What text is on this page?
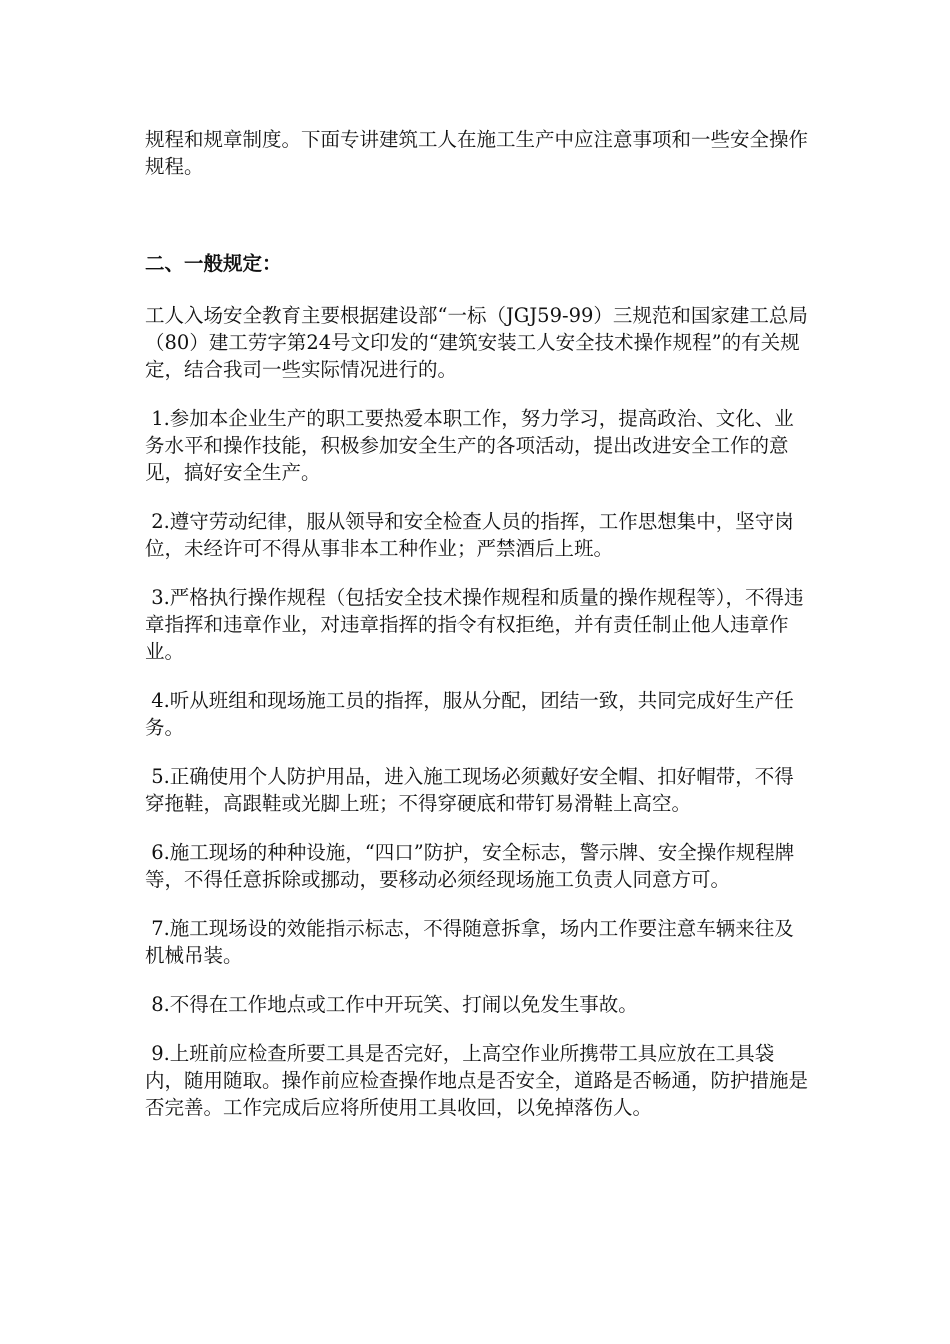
规程和规章制度。下面专讲建筑工人在施工生产中应注意事项和一些安全操作规程。

二、一般规定：

工人入场安全教育主要根据建设部“一标（JGJ59-99）三规范和国家建工总局（80）建工劳字第24号文印发的“建筑安装工人安全技术操作规程”的有关规定，结合我司一些实际情况进行的。

1.参加本企业生产的职工要热爱本职工作，努力学习，提高政治、文化、业务水平和操作技能，积极参加安全生产的各项活动，提出改进安全工作的意见，搞好安全生产。

2.遵守劳动纪律，服从领导和安全检查人员的指挥，工作思想集中，坚守岗位，未经许可不得从事非本工种作业；严禁酒后上班。

3.严格执行操作规程（包括安全技术操作规程和质量的操作规程等），不得违章指挥和违章作业，对违章指挥的指令有权拒绝，并有责任制止他人违章作业。

4.听从班组和现场施工员的指挥，服从分配，团结一致，共同完成好生产任务。

5.正确使用个人防护用品，进入施工现场必须戴好安全帽、扣好帽带，不得穿拖鞋，高跟鞋或光脚上班；不得穿硬底和带钉易滑鞋上高空。

6.施工现场的种种设施，“四口”防护，安全标志，警示牌、安全操作规程牌等，不得任意拆除或挪动，要移动必须经现场施工负责人同意方可。

7.施工现场设的效能指示标志，不得随意拆拿，场内工作要注意车辆来往及机械吊装。

8.不得在工作地点或工作中开玩笑、打闹以免发生事故。

9.上班前应检查所要工具是否完好，上高空作业所携带工具应放在工具袋内，随用随取。操作前应检查操作地点是否安全，道路是否畅通，防护措施是否完善。工作完成后应将所使用工具收回，以免掉落伤人。
